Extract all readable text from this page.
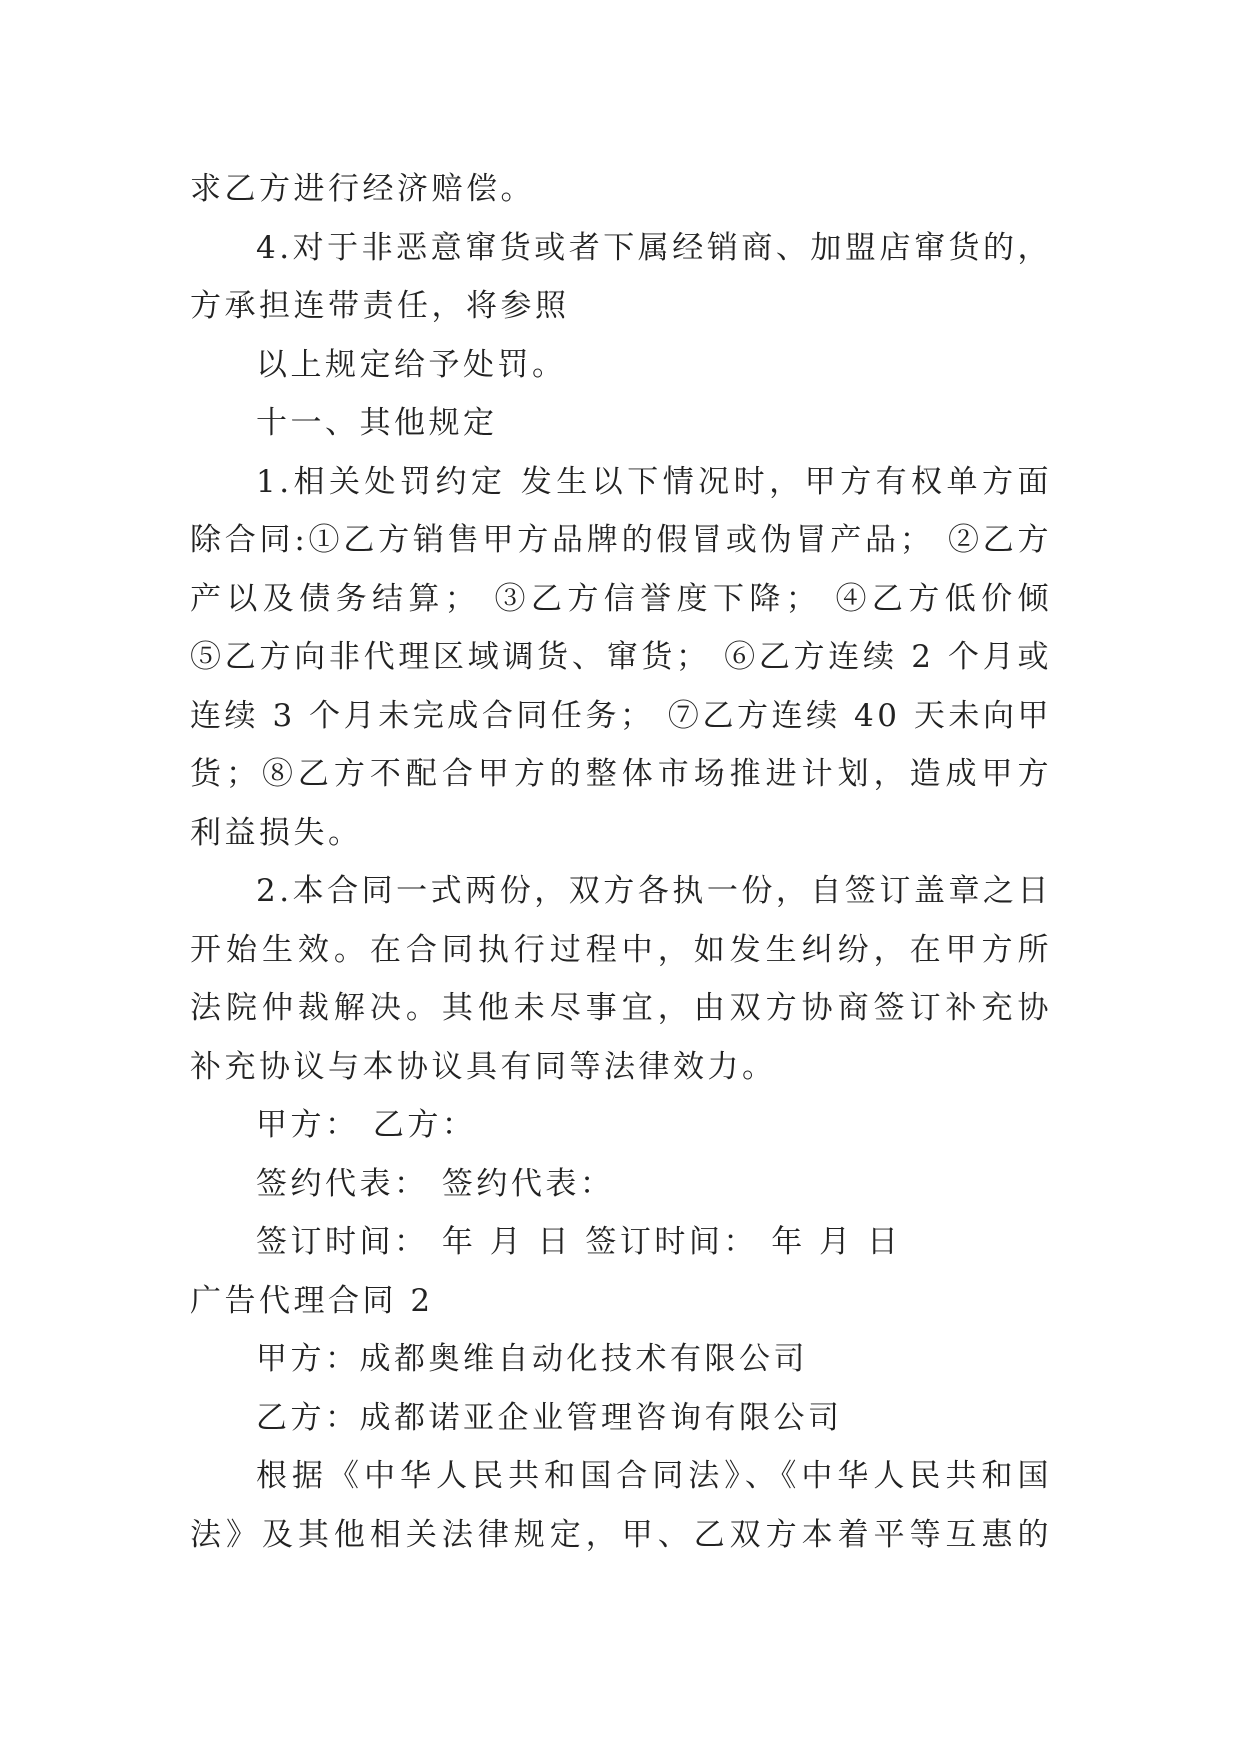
求乙方进行经济赔偿。
4.对于非恶意窜货或者下属经销商、加盟店窜货的，
方承担连带责任，将参照
以上规定给予处罚。
十一、其他规定
1.相关处罚约定 发生以下情况时，甲方有权单方面
除合同:①乙方销售甲方品牌的假冒或伪冒产品； ②乙方
产以及债务结算； ③乙方信誉度下降； ④乙方低价倾
⑤乙方向非代理区域调货、窜货； ⑥乙方连续 2 个月或
连续 3 个月未完成合同任务； ⑦乙方连续 40 天未向甲
货；⑧乙方不配合甲方的整体市场推进计划，造成甲方
利益损失。
2.本合同一式两份，双方各执一份，自签订盖章之日
开始生效。在合同执行过程中，如发生纠纷，在甲方所
法院仲裁解决。其他未尽事宜，由双方协商签订补充协
补充协议与本协议具有同等法律效力。
甲方： 乙方：
签约代表： 签约代表：
签订时间： 年 月 日 签订时间： 年 月 日
广告代理合同 2
甲方：成都奥维自动化技术有限公司
乙方：成都诺亚企业管理咨询有限公司
根据《中华人民共和国合同法》、《中华人民共和国
法》及其他相关法律规定，甲、乙双方本着平等互惠的
